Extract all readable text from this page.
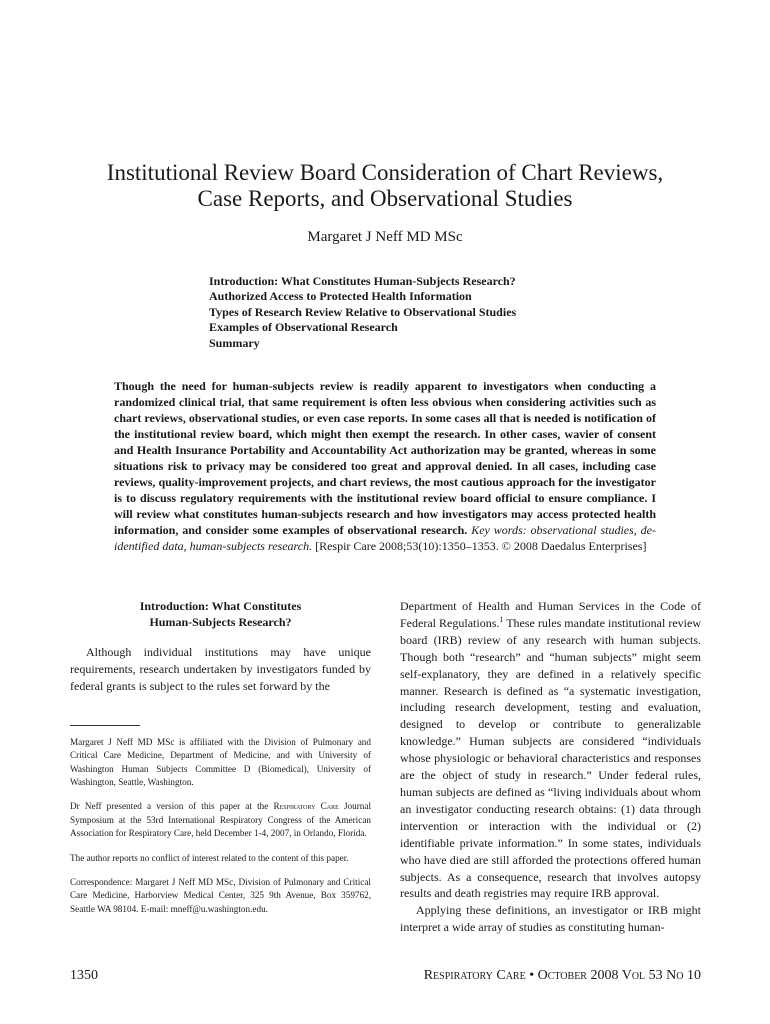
Institutional Review Board Consideration of Chart Reviews,
Case Reports, and Observational Studies
Margaret J Neff MD MSc
Introduction: What Constitutes Human-Subjects Research?
Authorized Access to Protected Health Information
Types of Research Review Relative to Observational Studies
Examples of Observational Research
Summary
Though the need for human-subjects review is readily apparent to investigators when conducting a randomized clinical trial, that same requirement is often less obvious when considering activities such as chart reviews, observational studies, or even case reports. In some cases all that is needed is notification of the institutional review board, which might then exempt the research. In other cases, wavier of consent and Health Insurance Portability and Accountability Act authorization may be granted, whereas in some situations risk to privacy may be considered too great and approval denied. In all cases, including case reviews, quality-improvement projects, and chart reviews, the most cautious approach for the investigator is to discuss regulatory requirements with the institutional review board official to ensure compliance. I will review what constitutes human-subjects research and how investigators may access protected health information, and consider some examples of observational research. Key words: observational studies, de-identified data, human-subjects research. [Respir Care 2008;53(10):1350–1353. © 2008 Daedalus Enterprises]
Introduction: What Constitutes
Human-Subjects Research?

Although individual institutions may have unique requirements, research undertaken by investigators funded by federal grants is subject to the rules set forward by the

Margaret J Neff MD MSc is affiliated with the Division of Pulmonary and Critical Care Medicine, Department of Medicine, and with University of Washington Human Subjects Committee D (Biomedical), University of Washington, Seattle, Washington.

Dr Neff presented a version of this paper at the Respiratory Care Journal Symposium at the 53rd International Respiratory Congress of the American Association for Respiratory Care, held December 1-4, 2007, in Orlando, Florida.

The author reports no conflict of interest related to the content of this paper.

Correspondence: Margaret J Neff MD MSc, Division of Pulmonary and Critical Care Medicine, Harborview Medical Center, 325 9th Avenue, Box 359762, Seattle WA 98104. E-mail: mneff@u.washington.edu.

Department of Health and Human Services in the Code of Federal Regulations.$^1$ These rules mandate institutional review board (IRB) review of any research with human subjects. Though both “research” and “human subjects” might seem self-explanatory, they are defined in a relatively specific manner. Research is defined as “a systematic investigation, including research development, testing and evaluation, designed to develop or contribute to generalizable knowledge.” Human subjects are considered “individuals whose physiologic or behavioral characteristics and responses are the object of study in research.” Under federal rules, human subjects are defined as “living individuals about whom an investigator conducting research obtains: (1) data through intervention or interaction with the individual or (2) identifiable private information.” In some states, individuals who have died are still afforded the protections offered human subjects. As a consequence, research that involves autopsy results and death registries may require IRB approval.

Applying these definitions, an investigator or IRB might interpret a wide array of studies as constituting human-

1350	Respiratory Care • October 2008 Vol 53 No 10
